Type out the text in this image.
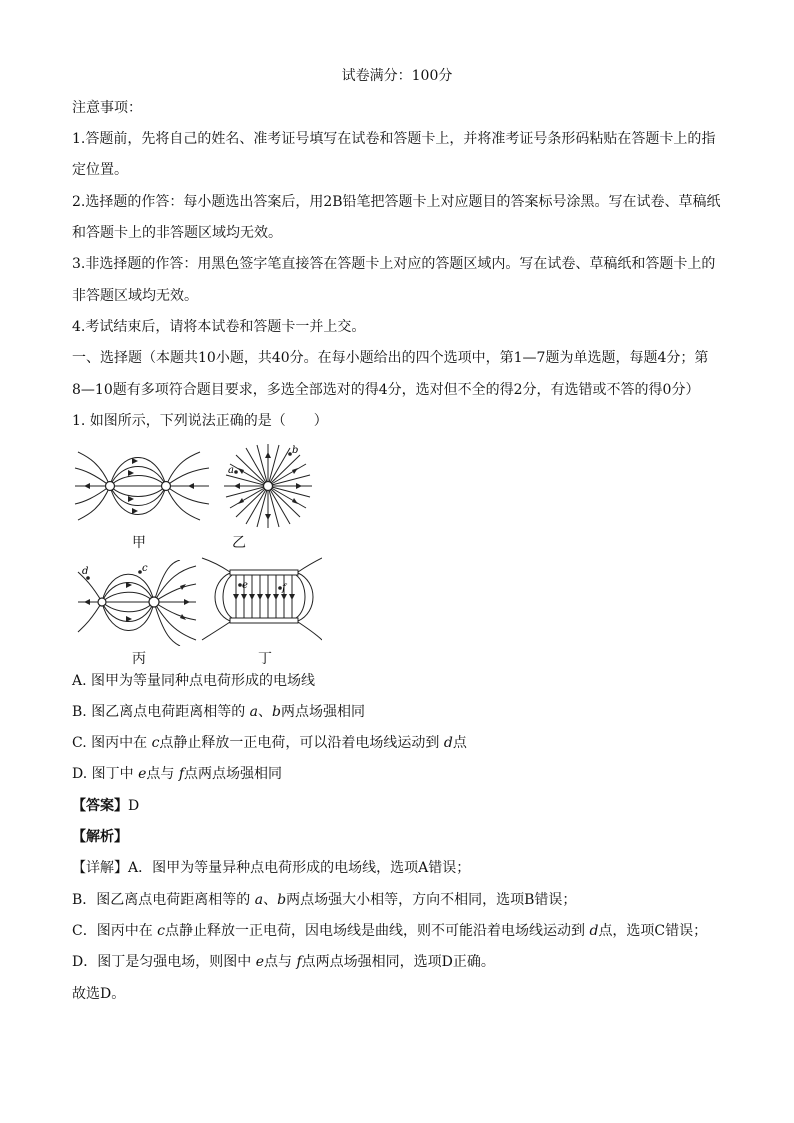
试卷满分：100分
注意事项：
1.答题前，先将自己的姓名、准考证号填写在试卷和答题卡上，并将准考证号条形码粘贴在答题卡上的指
定位置。
2.选择题的作答：每小题选出答案后，用2B铅笔把答题卡上对应题目的答案标号涂黑。写在试卷、草稿纸
和答题卡上的非答题区域均无效。
3.非选择题的作答：用黑色签字笔直接答在答题卡上对应的答题区域内。写在试卷、草稿纸和答题卡上的
非答题区域均无效。
4.考试结束后，请将本试卷和答题卡一并上交。
一、选择题（本题共10小题，共40分。在每小题给出的四个选项中，第1—7题为单选题，每题4分；第
8—10题有多项符合题目要求，多选全部选对的得4分，选对但不全的得2分，有选错或不答的得0分）
1. 如图所示，下列说法正确的是（　　）
甲
a
b
乙
c
d
丙
e	f
丁
A. 图甲为等量同种点电荷形成的电场线
B. 图乙离点电荷距离相等的 a、b两点场强相同
C. 图丙中在 c点静止释放一正电荷，可以沿着电场线运动到 d点
D. 图丁中 e点与 f点两点场强相同
【答案】D
【解析】
【详解】A．图甲为等量异种点电荷形成的电场线，选项A错误；
B．图乙离点电荷距离相等的 a、b两点场强大小相等，方向不相同，选项B错误；
C．图丙中在 c点静止释放一正电荷，因电场线是曲线，则不可能沿着电场线运动到 d点，选项C错误；
D．图丁是匀强电场，则图中 e点与 f点两点场强相同，选项D正确。
故选D。
